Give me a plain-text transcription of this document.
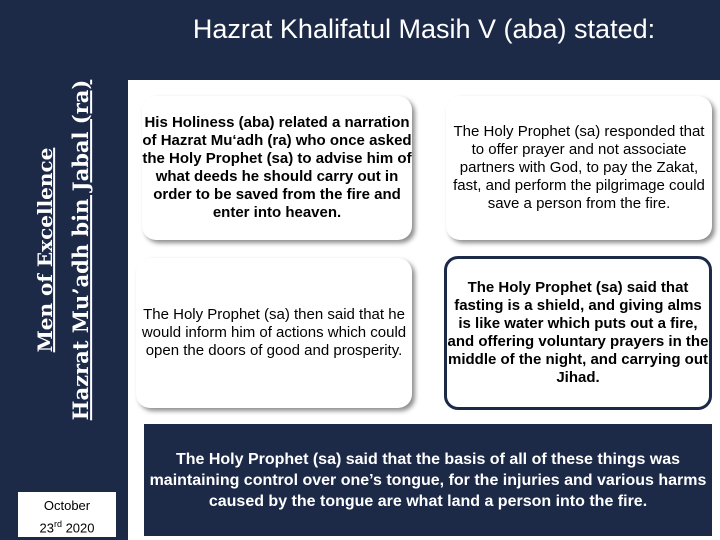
Men of Excellence Hazrat Mu’adh bin Jabal (ra)
October
23rd 2020
Hazrat Khalifatul Masih V (aba) stated:
His Holiness (aba) related a narration of Hazrat Mu‘adh (ra) who once asked the Holy Prophet (sa) to advise him of what deeds he should carry out in order to be saved from the fire and enter into heaven.
The Holy Prophet (sa) responded that to offer prayer and not associate partners with God, to pay the Zakat, fast, and perform the pilgrimage could save a person from the fire.
The Holy Prophet (sa) then said that he would inform him of actions which could open the doors of good and prosperity.
The Holy Prophet (sa) said that fasting is a shield, and giving alms is like water which puts out a fire, and offering voluntary prayers in the middle of the night, and carrying out Jihad.
The Holy Prophet (sa) said that the basis of all of these things was maintaining control over one’s tongue, for the injuries and various harms caused by the tongue are what land a person into the fire.
